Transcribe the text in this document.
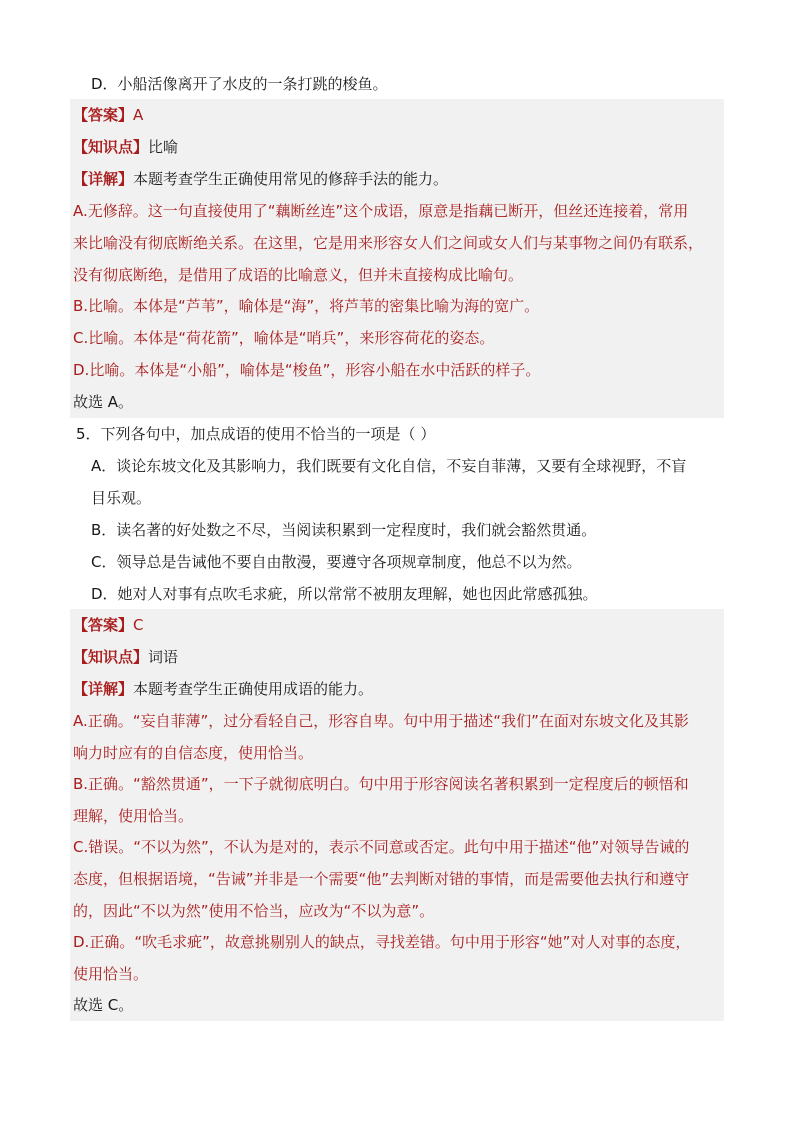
D．小船活像离开了水皮的一条打跳的梭鱼。
【答案】A
【知识点】比喻
【详解】本题考查学生正确使用常见的修辞手法的能力。
A.无修辞。这一句直接使用了“藕断丝连”这个成语，原意是指藕已断开，但丝还连接着，常用
来比喻没有彻底断绝关系。在这里，它是用来形容女人们之间或女人们与某事物之间仍有联系，
没有彻底断绝，是借用了成语的比喻意义，但并未直接构成比喻句。
B.比喻。本体是“芦苇”，喻体是“海”，将芦苇的密集比喻为海的宽广。
C.比喻。本体是“荷花箭”，喻体是“哨兵”，来形容荷花的姿态。
D.比喻。本体是“小船”，喻体是“梭鱼”，形容小船在水中活跃的样子。
故选 A。
5．下列各句中，加点成语的使用不恰当的一项是（ ）
A．谈论东坡文化及其影响力，我们既要有文化自信，不妄自菲薄，又要有全球视野，不盲
目乐观。
B．读名著的好处数之不尽，当阅读积累到一定程度时，我们就会豁然贯通。
C．领导总是告诫他不要自由散漫，要遵守各项规章制度，他总不以为然。
D．她对人对事有点吹毛求疵，所以常常不被朋友理解，她也因此常感孤独。
【答案】C
【知识点】词语
【详解】本题考查学生正确使用成语的能力。
A.正确。“妄自菲薄”，过分看轻自己，形容自卑。句中用于描述“我们”在面对东坡文化及其影
响力时应有的自信态度，使用恰当。
B.正确。“豁然贯通”，一下子就彻底明白。句中用于形容阅读名著积累到一定程度后的顿悟和
理解，使用恰当。
C.错误。“不以为然”，不认为是对的，表示不同意或否定。此句中用于描述“他”对领导告诫的
态度，但根据语境，“告诫”并非是一个需要“他”去判断对错的事情，而是需要他去执行和遵守
的，因此“不以为然”使用不恰当，应改为“不以为意”。
D.正确。“吹毛求疵”，故意挑剔别人的缺点，寻找差错。句中用于形容“她”对人对事的态度，
使用恰当。
故选 C。
